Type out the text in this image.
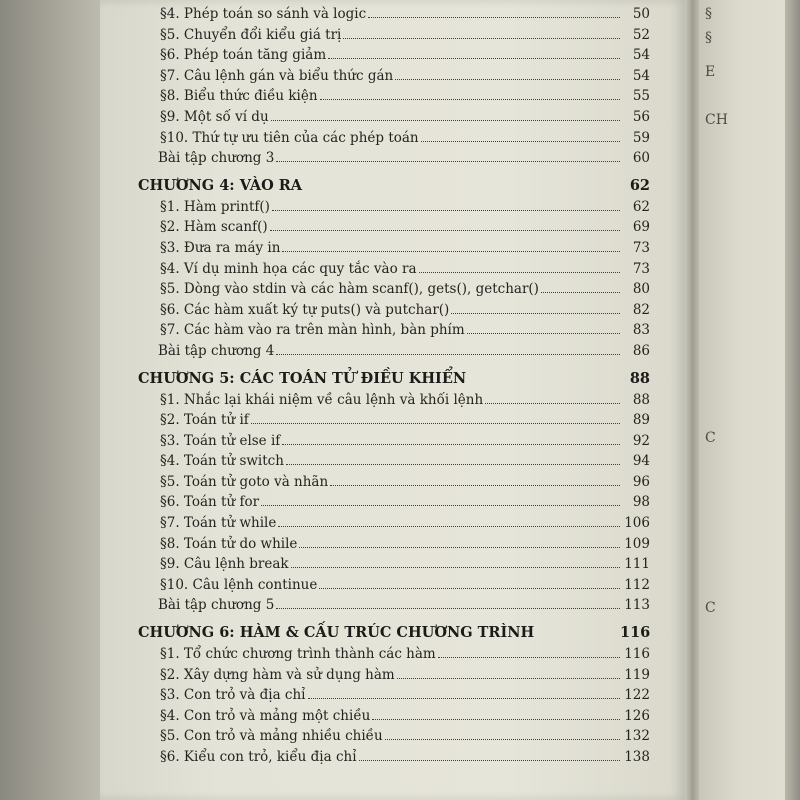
§
§
E
CH
C
C
§4. Phép toán so sánh và logic	50
§5. Chuyển đổi kiểu giá trị	52
§6. Phép toán tăng giảm	54
§7. Câu lệnh gán và biểu thức gán	54
§8. Biểu thức điều kiện	55
§9. Một số ví dụ	56
§10. Thứ tự ưu tiên của các phép toán	59
Bài tập chương 3	60
CHƯƠNG 4: VÀO RA	62
§1. Hàm printf()	62
§2. Hàm scanf()	69
§3. Đưa ra máy in	73
§4. Ví dụ minh họa các quy tắc vào ra	73
§5. Dòng vào stdin và các hàm scanf(), gets(), getchar()	80
§6. Các hàm xuất ký tự puts() và putchar()	82
§7. Các hàm vào ra trên màn hình, bàn phím	83
Bài tập chương 4	86
CHƯƠNG 5: CÁC TOÁN TỬ ĐIỀU KHIỂN	88
§1. Nhắc lại khái niệm về câu lệnh và khối lệnh	88
§2. Toán tử if	89
§3. Toán tử else if	92
§4. Toán tử switch	94
§5. Toán tử goto và nhãn	96
§6. Toán tử for	98
§7. Toán tử while	106
§8. Toán tử do while	109
§9. Câu lệnh break	111
§10. Câu lệnh continue	112
Bài tập chương 5	113
CHƯƠNG 6: HÀM & CẤU TRÚC CHƯƠNG TRÌNH	116
§1. Tổ chức chương trình thành các hàm	116
§2. Xây dựng hàm và sử dụng hàm	119
§3. Con trỏ và địa chỉ	122
§4. Con trỏ và mảng một chiều	126
§5. Con trỏ và mảng nhiều chiều	132
§6. Kiểu con trỏ, kiểu địa chỉ	138
